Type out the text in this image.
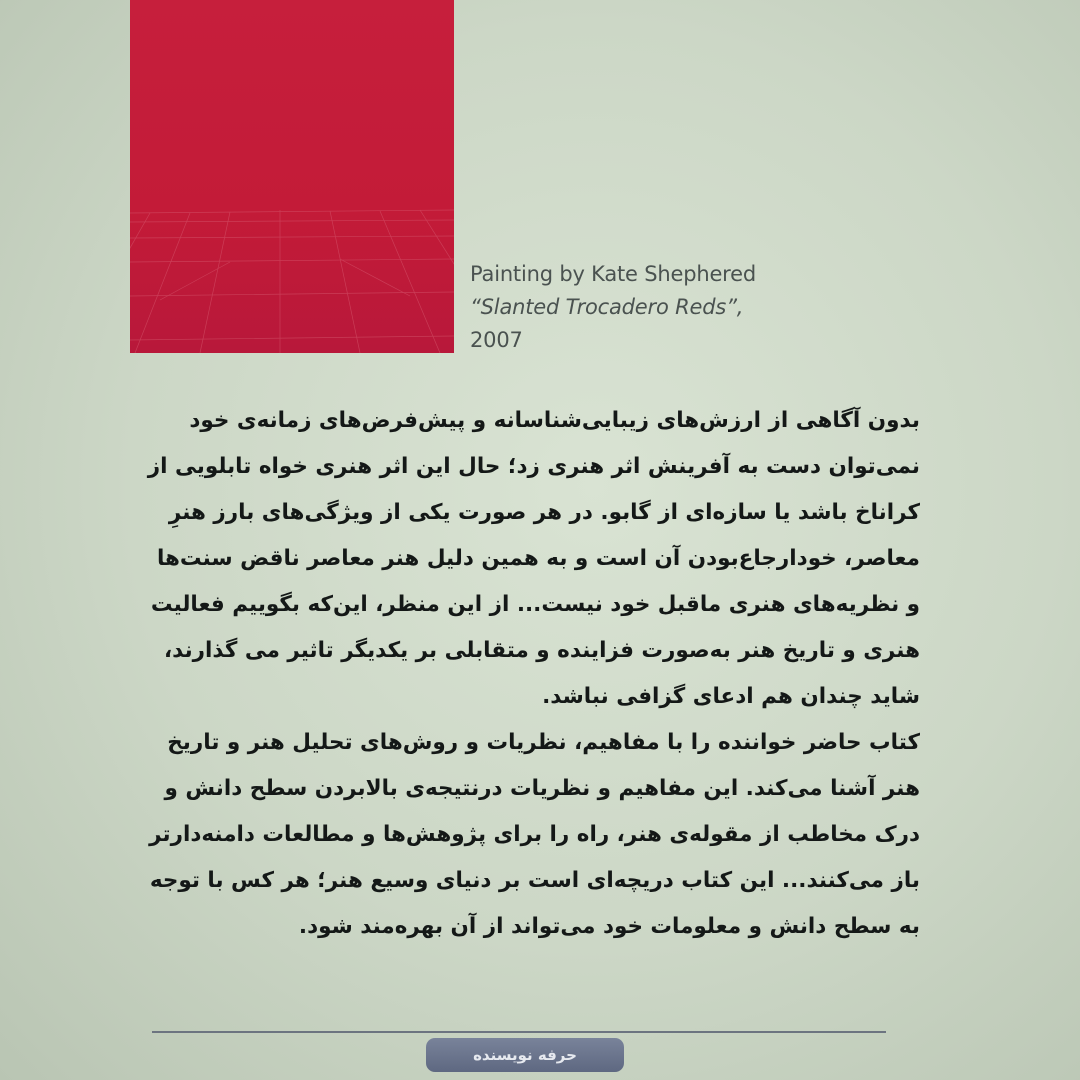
Painting by Kate Shephered
“Slanted Trocadero Reds”,
2007
بدون آگاهی از ارزش‌های زیبایی‌شناسانه و پیش‌فرض‌های زمانه‌ی خود
نمی‌توان دست به آفرینش اثر هنری زد؛ حال این اثر هنری خواه تابلویی از
کراناخ باشد یا سازه‌ای از گابو. در هر صورت یکی از ویژگی‌های بارز هنرِ
معاصر، خودارجاع‌بودن آن است و به همین دلیل هنر معاصر ناقض سنت‌ها
و نظریه‌های هنری ماقبل خود نیست... از این منظر، این‌که بگوییم فعالیت
هنری و تاریخ هنر به‌صورت فزاینده و متقابلی بر یکدیگر تاثیر می گذارند،
شاید چندان هم ادعای گزافی نباشد.
کتاب حاضر خواننده را با مفاهیم، نظریات و روش‌های تحلیل هنر و تاریخ
هنر آشنا می‌کند. این مفاهیم و نظریات درنتیجه‌ی بالابردن سطح دانش و
درک مخاطب از مقوله‌ی هنر، راه را برای پژوهش‌ها و مطالعات دامنه‌دارتر
باز می‌کنند... این کتاب دریچه‌ای است بر دنیای وسیع هنر؛ هر کس با توجه
به سطح دانش و معلومات خود می‌تواند از آن بهره‌مند شود.
حرفه نویسنده
